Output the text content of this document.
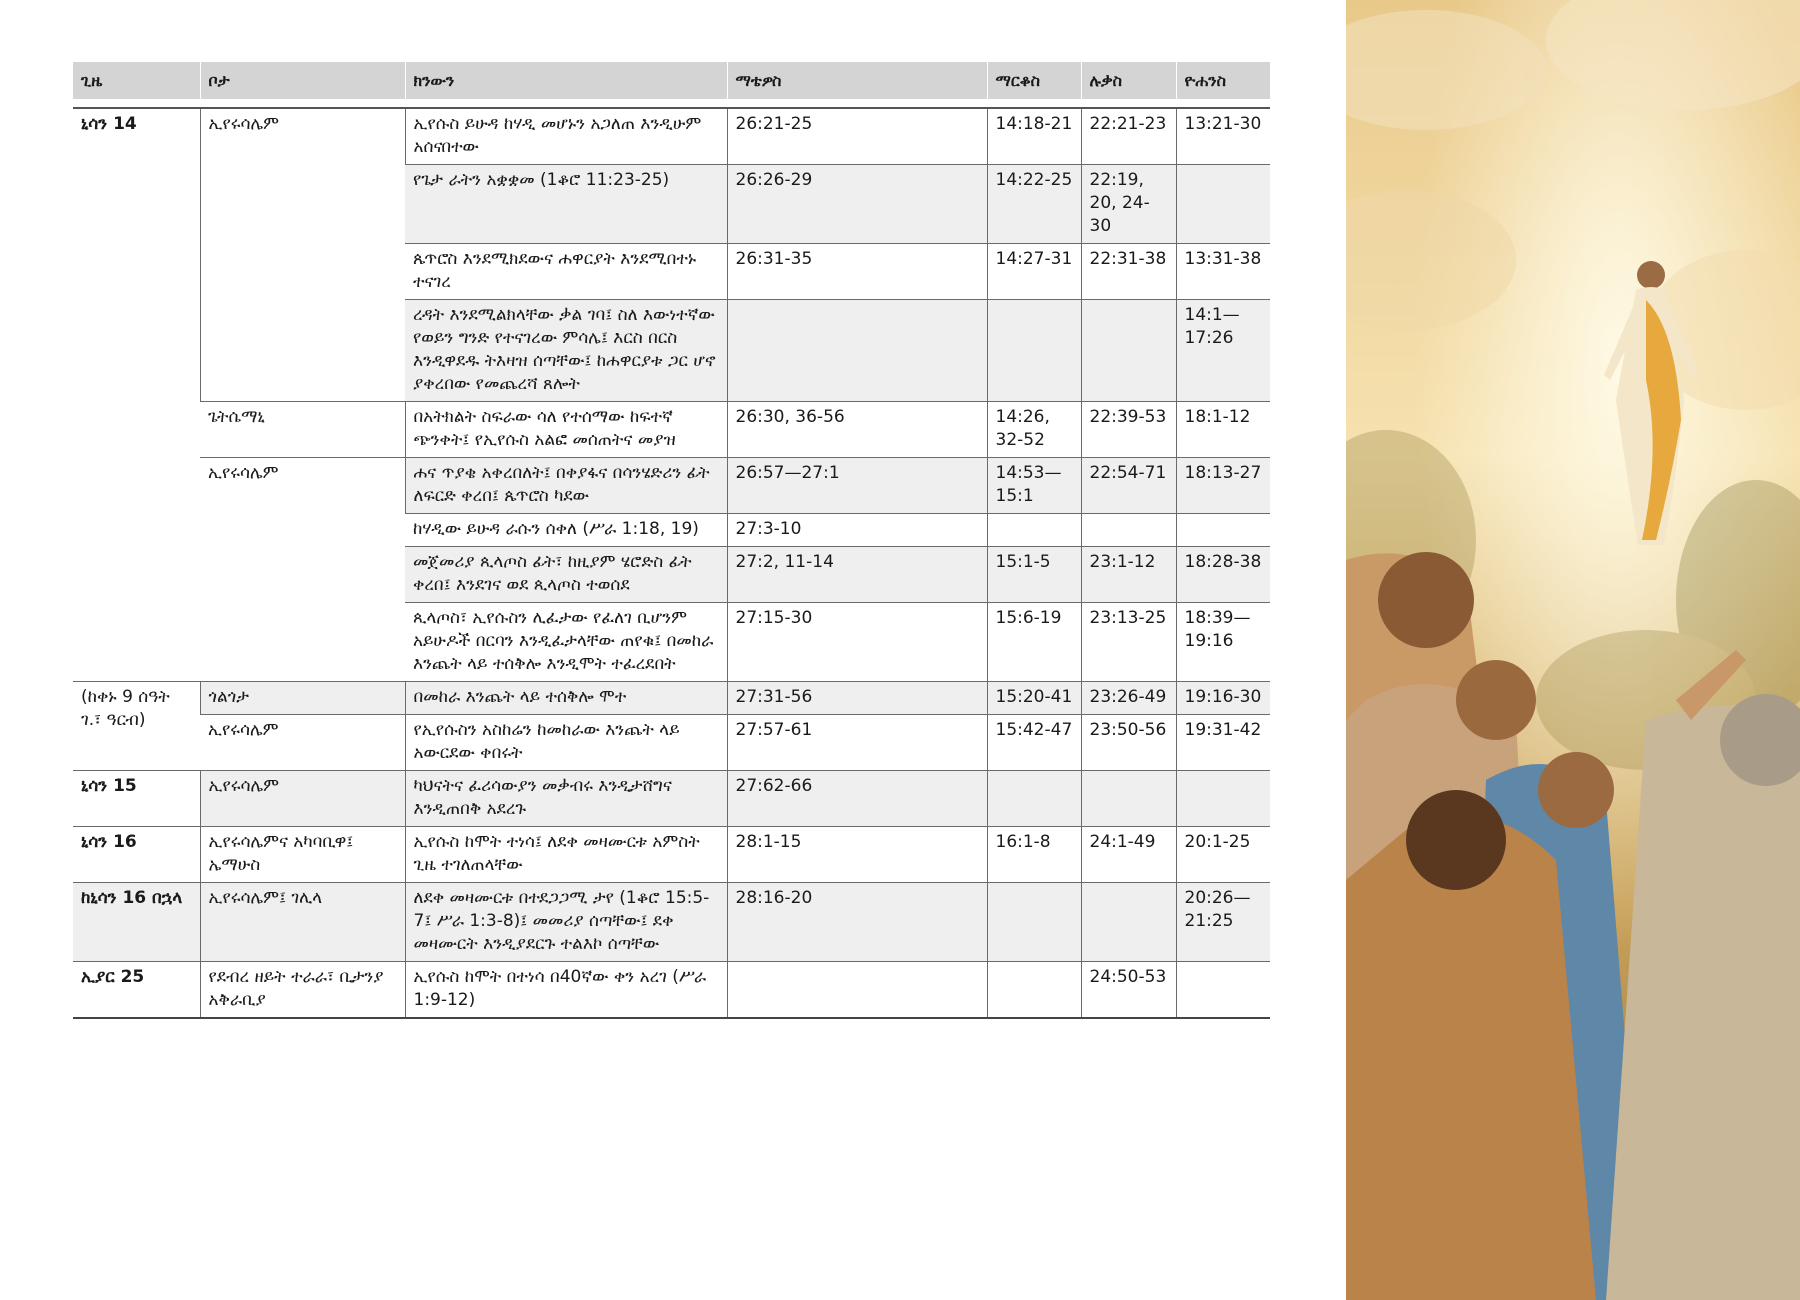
ጊዜ	ቦታ	ክንውን	ማቴዎስ	ማርቆስ	ሉቃስ	ዮሐንስ

ኒሳን 14	ኢየሩሳሌም	ኢየሱስ ይሁዳ ከሃዲ መሆኑን አጋለጠ እንዲሁም አሰናበተው	26:21-25	14:18-21	22:21-23	13:21-30
		የጌታ ራትን አቋቋመ (1ቆሮ 11:23-25)	26:26-29	14:22-25	22:19, 20, 24-30	
		ጴጥሮስ እንደሚክደውና ሐዋርያት እንደሚበተኑ ተናገረ	26:31-35	14:27-31	22:31-38	13:31-38
		ረዳት እንደሚልክላቸው ቃል ገባ፤ ስለ እውነተኛው የወይን ግንድ የተናገረው ምሳሌ፤ እርስ በርስ እንዲዋደዱ ትእዛዝ ሰጣቸው፤ ከሐዋርያቱ ጋር ሆኖ ያቀረበው የመጨረሻ ጸሎት				14:1—17:26
	ጌትሴማኒ	በአትክልት ስፍራው ሳለ የተሰማው ከፍተኛ ጭንቀት፤ የኢየሱስ አልፎ መሰጠትና መያዝ	26:30, 36-56	14:26, 32-52	22:39-53	18:1-12
	ኢየሩሳሌም	ሐና ጥያቄ አቀረበለት፤ በቀያፋና በሳንሄድሪን ፊት ለፍርድ ቀረበ፤ ጴጥሮስ ካደው	26:57—27:1	14:53—15:1	22:54-71	18:13-27
		ከሃዲው ይሁዳ ራሱን ሰቀለ (ሥራ 1:18, 19)	27:3-10			
		መጀመሪያ ጲላጦስ ፊት፣ ከዚያም ሄሮድስ ፊት ቀረበ፤ እንደገና ወደ ጲላጦስ ተወሰደ	27:2, 11-14	15:1-5	23:1-12	18:28-38
		ጲላጦስ፣ ኢየሱስን ሊፈታው የፈለገ ቢሆንም አይሁዶች በርባን እንዲፈታላቸው ጠየቁ፤ በመከራ እንጨት ላይ ተሰቅሎ እንዲሞት ተፈረደበት	27:15-30	15:6-19	23:13-25	18:39—19:16
(ከቀኑ 9 ሰዓት ገ.፣ ዓርብ)	ጎልጎታ	በመከራ እንጨት ላይ ተሰቅሎ ሞተ	27:31-56	15:20-41	23:26-49	19:16-30
	ኢየሩሳሌም	የኢየሱስን አስከሬን ከመከራው እንጨት ላይ አውርደው ቀበሩት	27:57-61	15:42-47	23:50-56	19:31-42
ኒሳን 15	ኢየሩሳሌም	ካህናትና ፈሪሳውያን መቃብሩ እንዲታሸግና እንዲጠበቅ አደረጉ	27:62-66			
ኒሳን 16	ኢየሩሳሌምና አካባቢዋ፤ ኤማሁስ	ኢየሱስ ከሞት ተነሳ፤ ለደቀ መዛሙርቱ አምስት ጊዜ ተገለጠላቸው	28:1-15	16:1-8	24:1-49	20:1-25
ከኒሳን 16 በኋላ	ኢየሩሳሌም፤ ገሊላ	ለደቀ መዛሙርቱ በተደጋጋሚ ታየ (1ቆሮ 15:5-7፤ ሥራ 1:3-8)፤ መመሪያ ሰጣቸው፤ ደቀ መዛሙርት እንዲያደርጉ ተልእኮ ሰጣቸው	28:16-20			20:26—21:25
ኢያር 25	የደብረ ዘይት ተራራ፣ ቢታንያ አቅራቢያ	ኢየሱስ ከሞት በተነሳ በ40ኛው ቀን አረገ (ሥራ 1:9-12)			24:50-53	
